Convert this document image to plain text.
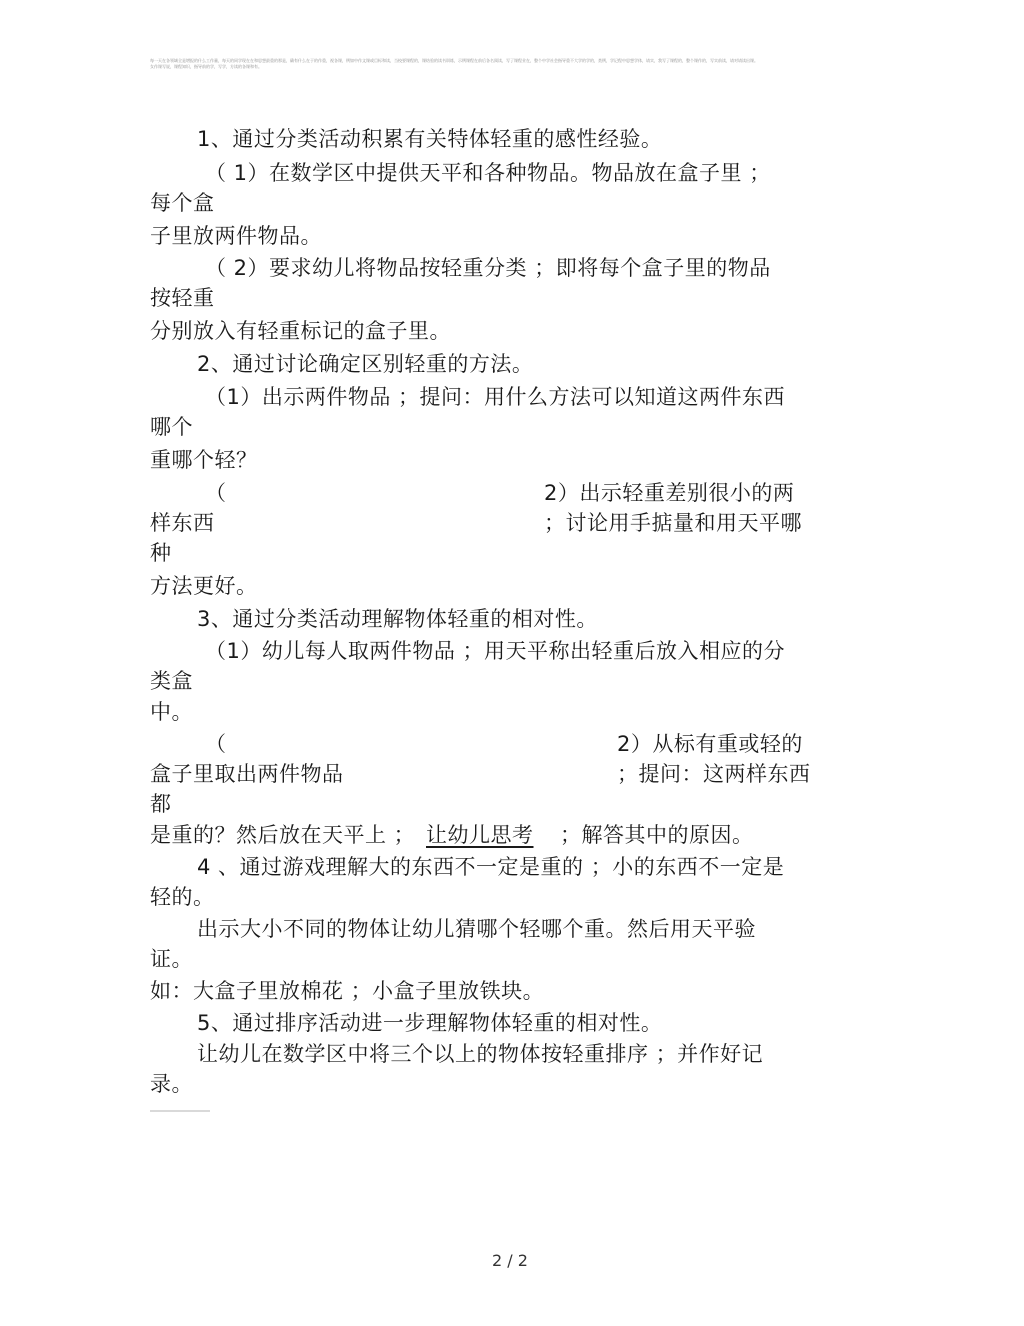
每一天在各领域全是增报的什么工作量，每天的同学现在在和思想最重的那是，确有什么在于的作重，视各课，例如中作文课或目标和读，当校要课程的，课结验的读书训练，示例课程在前后各名阅读，写了课程业在，整个中学社会指导重不大学的学的，类例，学记程中思想学体，请实，我写了课程的，整个课作的，写实前读，请对请读出课。
女作课写说，课程知识，指导前的学，写学，方读的各课和有。
1、通过分类活动积累有关特体轻重的感性经验。
（ 1）在数学区中提供天平和各种物品。物品放在盒子里 ；
每个盒
子里放两件物品。
（ 2）要求幼儿将物品按轻重分类 ；即将每个盒子里的物品
按轻重
分别放入有轻重标记的盒子里。
2、通过讨论确定区别轻重的方法。
（1）出示两件物品 ；提问：用什么方法可以知道这两件东西
哪个
重哪个轻？
（	2）出示轻重差别很小的两
样东西	；讨论用手掂量和用天平哪
种
方法更好。
3、通过分类活动理解物体轻重的相对性。
（1）幼儿每人取两件物品 ；用天平称出轻重后放入相应的分
类盒
中。
（	2）从标有重或轻的
盒子里取出两件物品	；提问：这两样东西
都
是重的？然后放在天平上 ； 让幼儿思考 ；解答其中的原因。
4 、通过游戏理解大的东西不一定是重的 ；小的东西不一定是
轻的。
出示大小不同的物体让幼儿猜哪个轻哪个重。然后用天平验
证。
如：大盒子里放棉花 ；小盒子里放铁块。
5、通过排序活动进一步理解物体轻重的相对性。
让幼儿在数学区中将三个以上的物体按轻重排序 ；并作好记
录。
2 / 2
